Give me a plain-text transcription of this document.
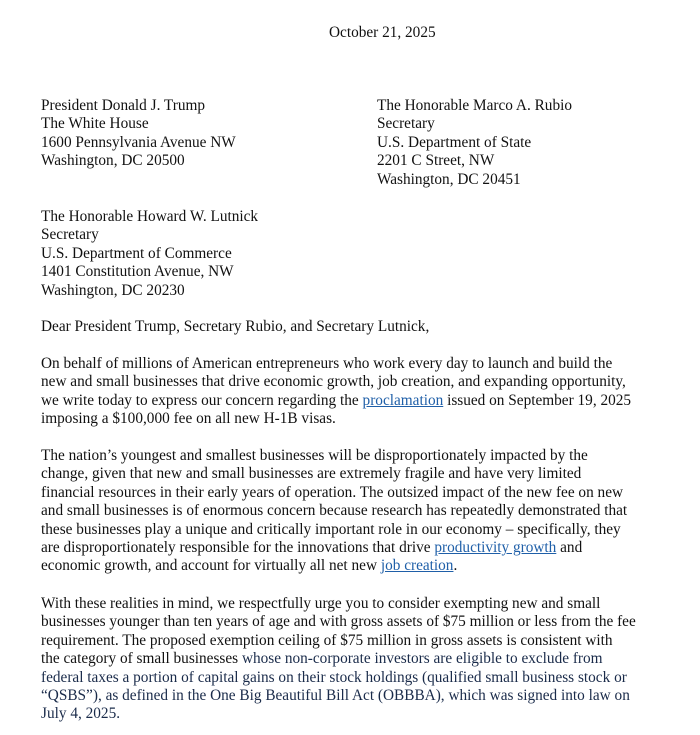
October 21, 2025
President Donald J. Trump
The White House
1600 Pennsylvania Avenue NW
Washington, DC 20500
The Honorable Marco A. Rubio
Secretary
U.S. Department of State
2201 C Street, NW
Washington, DC 20451
The Honorable Howard W. Lutnick
Secretary
U.S. Department of Commerce
1401 Constitution Avenue, NW
Washington, DC 20230
Dear President Trump, Secretary Rubio, and Secretary Lutnick,
On behalf of millions of American entrepreneurs who work every day to launch and build the
new and small businesses that drive economic growth, job creation, and expanding opportunity,
we write today to express our concern regarding the proclamation issued on September 19, 2025
imposing a $100,000 fee on all new H-1B visas.
The nation’s youngest and smallest businesses will be disproportionately impacted by the
change, given that new and small businesses are extremely fragile and have very limited
financial resources in their early years of operation. The outsized impact of the new fee on new
and small businesses is of enormous concern because research has repeatedly demonstrated that
these businesses play a unique and critically important role in our economy – specifically, they
are disproportionately responsible for the innovations that drive productivity growth and
economic growth, and account for virtually all net new job creation.
With these realities in mind, we respectfully urge you to consider exempting new and small
businesses younger than ten years of age and with gross assets of $75 million or less from the fee
requirement. The proposed exemption ceiling of $75 million in gross assets is consistent with
the category of small businesses whose non-corporate investors are eligible to exclude from
federal taxes a portion of capital gains on their stock holdings (qualified small business stock or
“QSBS”), as defined in the One Big Beautiful Bill Act (OBBBA), which was signed into law on
July 4, 2025.
